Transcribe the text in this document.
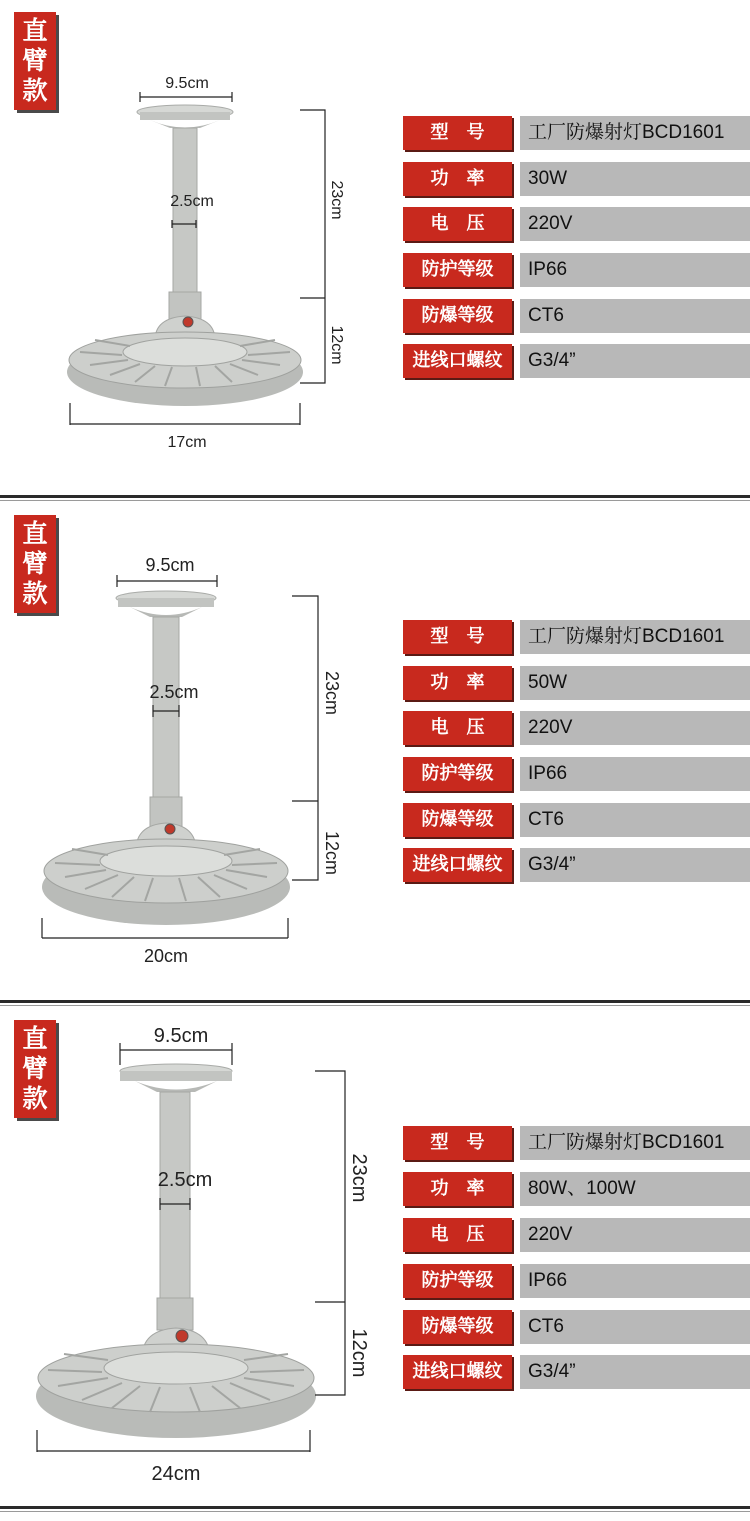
直
臂
款	9.5cm
2.5cm	23cm
12cm
17cm
型　号	工厂防爆射灯BCD1601
功　率	30W
电　压	220V
防护等级	IP66
防爆等级	CT6
进线口螺纹	G3/4”
直
臂
款
9.5cm
2.5cm	23cm
12cm
20cm
型　号	工厂防爆射灯BCD1601
功　率	50W
电　压	220V
防护等级	IP66
防爆等级	CT6
进线口螺纹	G3/4”
直
臂
款
9.5cm
2.5cm	23cm
12cm
24cm
型　号	工厂防爆射灯BCD1601
功　率	80W、100W
电　压	220V
防护等级	IP66
防爆等级	CT6
进线口螺纹	G3/4”
